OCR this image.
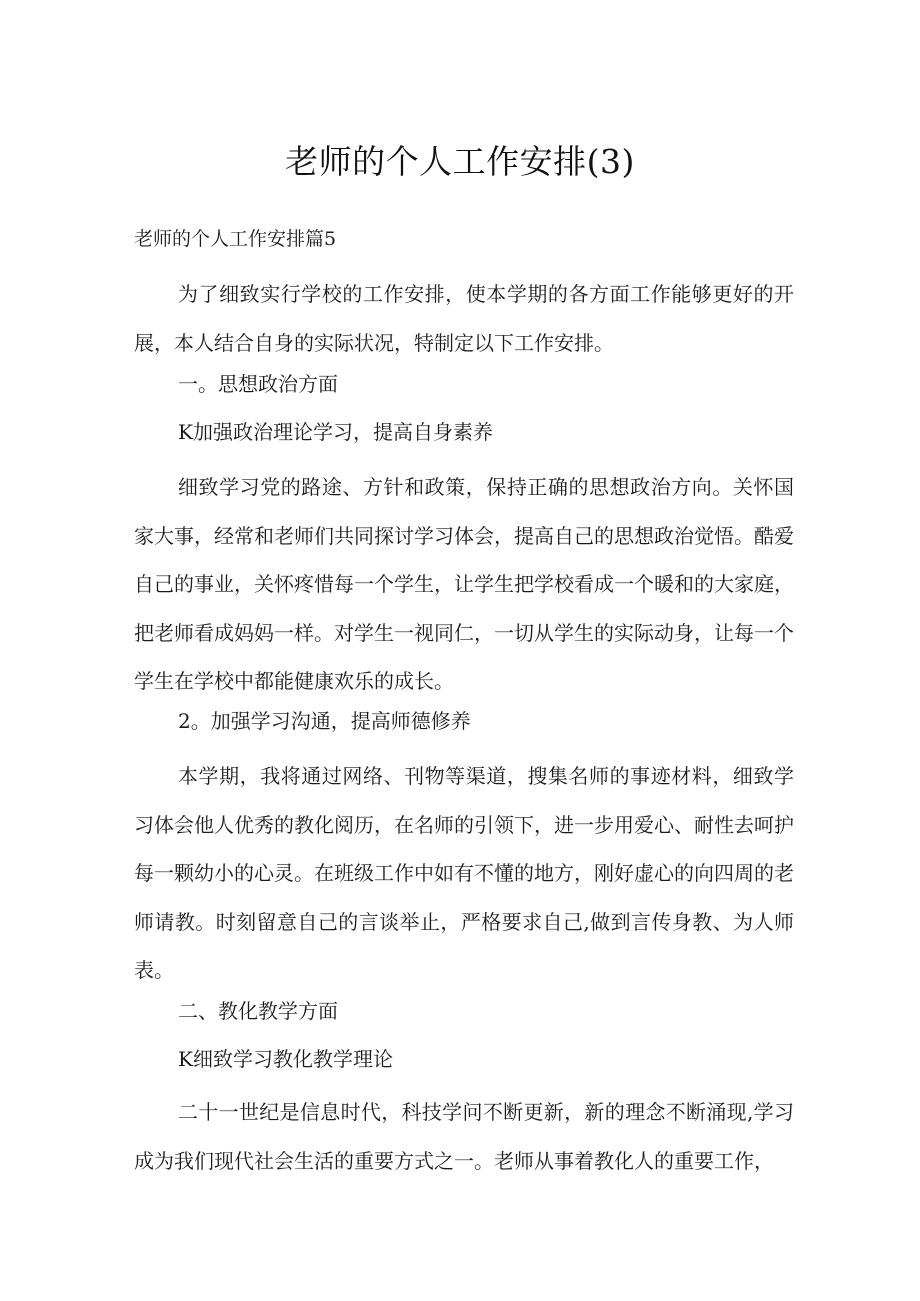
老师的个人工作安排(3)
老师的个人工作安排篇5

为了细致实行学校的工作安排，使本学期的各方面工作能够更好的开展，本人结合自身的实际状况，特制定以下工作安排。

一。思想政治方面
K加强政治理论学习，提高自身素养

细致学习党的路途、方针和政策，保持正确的思想政治方向。关怀国家大事，经常和老师们共同探讨学习体会，提高自己的思想政治觉悟。酷爱自己的事业，关怀疼惜每一个学生，让学生把学校看成一个暖和的大家庭，把老师看成妈妈一样。对学生一视同仁，一切从学生的实际动身，让每一个学生在学校中都能健康欢乐的成长。

2。加强学习沟通，提高师德修养

本学期，我将通过网络、刊物等渠道，搜集名师的事迹材料，细致学习体会他人优秀的教化阅历，在名师的引领下，进一步用爱心、耐性去呵护每一颗幼小的心灵。在班级工作中如有不懂的地方，刚好虚心的向四周的老师请教。时刻留意自己的言谈举止，严格要求自己,做到言传身教、为人师表。

二、教化教学方面
K细致学习教化教学理论

二十一世纪是信息时代，科技学问不断更新，新的理念不断涌现,学习成为我们现代社会生活的重要方式之一。老师从事着教化人的重要工作，
